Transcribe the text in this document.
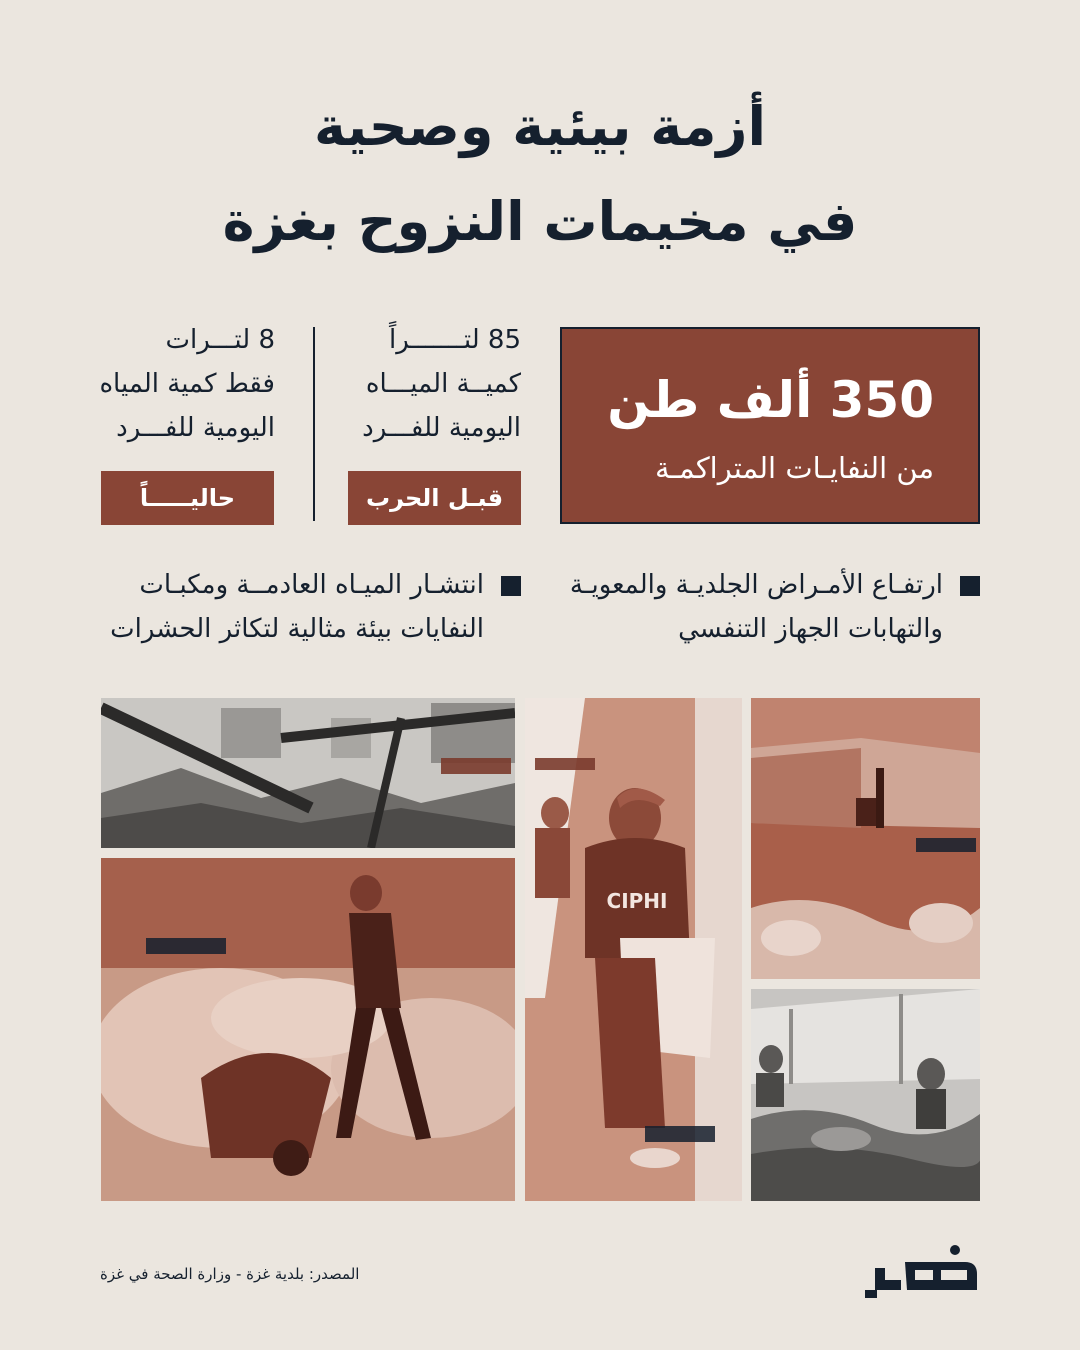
أزمة بيئية وصحية
في مخيمات النزوح بغزة
350 ألف طن
من النفايـات المتراكمـة
85 لتـــــــراً
كميــة الميـــاه
اليومية للفـــرد
قبـل الحرب
8 لتـــرات
فقط كمية المياه
اليومية للفـــرد
حاليـــــاً
ارتفـاع الأمـراض الجلديـة والمعويـة
والتهابات الجهاز التنفسي
انتشـار الميـاه العادمــة ومكبـات
النفايات بيئة مثالية لتكاثر الحشرات
CIPHI
المصدر: بلدية غزة - وزارة الصحة في غزة
